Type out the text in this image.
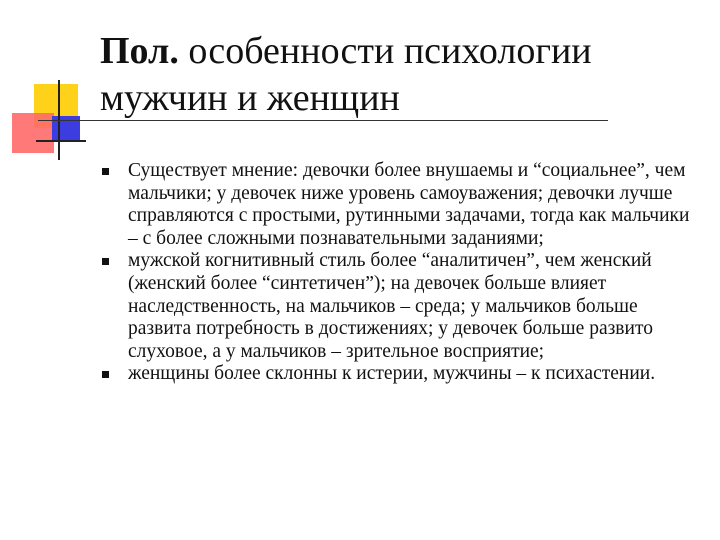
Пол. особенности психологии мужчин и женщин
Существует мнение: девочки более внушаемы и “социальнее”, чем мальчики; у девочек ниже уровень самоуважения; девочки лучше справляются с простыми, рутинными задачами, тогда как мальчики – с более сложными познавательными заданиями;
мужской когнитивный стиль более “аналитичен”, чем женский (женский более “синтетичен”); на девочек больше влияет наследственность, на мальчиков – среда; у мальчиков больше развита потребность в достижениях; у девочек больше развито слуховое, а у мальчиков – зрительное восприятие;
женщины более склонны к истерии, мужчины – к психастении.
